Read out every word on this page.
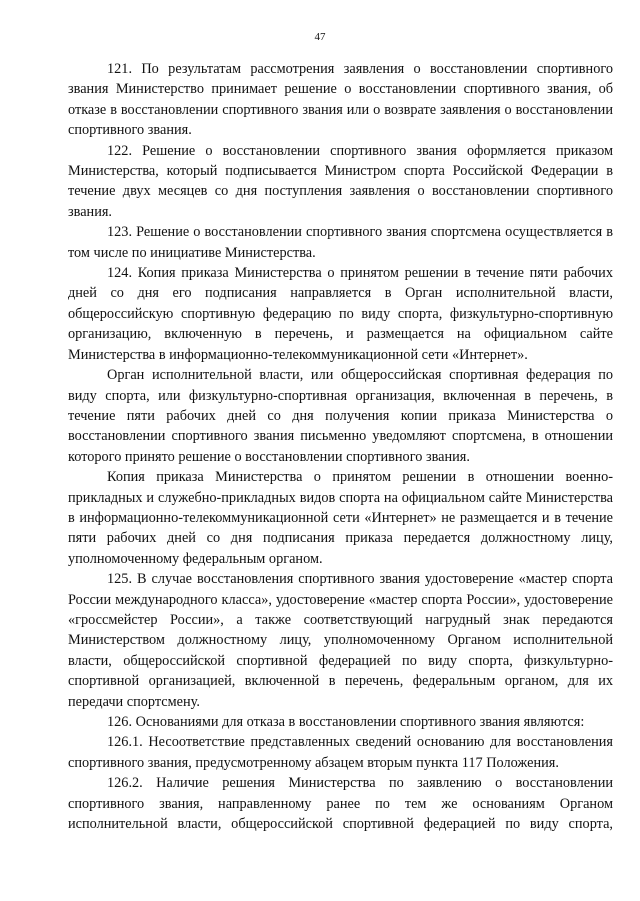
47

121. По результатам рассмотрения заявления о восстановлении спортивного звания Министерство принимает решение о восстановлении спортивного звания, об отказе в восстановлении спортивного звания или о возврате заявления о восстановлении спортивного звания.

122. Решение о восстановлении спортивного звания оформляется приказом Министерства, который подписывается Министром спорта Российской Федерации в течение двух месяцев со дня поступления заявления о восстановлении спортивного звания.

123. Решение о восстановлении спортивного звания спортсмена осуществляется в том числе по инициативе Министерства.

124. Копия приказа Министерства о принятом решении в течение пяти рабочих дней со дня его подписания направляется в Орган исполнительной власти, общероссийскую спортивную федерацию по виду спорта, физкультурно-спортивную организацию, включенную в перечень, и размещается на официальном сайте Министерства в информационно-телекоммуникационной сети «Интернет».

Орган исполнительной власти, или общероссийская спортивная федерация по виду спорта, или физкультурно-спортивная организация, включенная в перечень, в течение пяти рабочих дней со дня получения копии приказа Министерства о восстановлении спортивного звания письменно уведомляют спортсмена, в отношении которого принято решение о восстановлении спортивного звания.

Копия приказа Министерства о принятом решении в отношении военно-прикладных и служебно-прикладных видов спорта на официальном сайте Министерства в информационно-телекоммуникационной сети «Интернет» не размещается и в течение пяти рабочих дней со дня подписания приказа передается должностному лицу, уполномоченному федеральным органом.

125. В случае восстановления спортивного звания удостоверение «мастер спорта России международного класса», удостоверение «мастер спорта России», удостоверение «гроссмейстер России», а также соответствующий нагрудный знак передаются Министерством должностному лицу, уполномоченному Органом исполнительной власти, общероссийской спортивной федерацией по виду спорта, физкультурно-спортивной организацией, включенной в перечень, федеральным органом, для их передачи спортсмену.

126. Основаниями для отказа в восстановлении спортивного звания являются:

126.1. Несоответствие представленных сведений основанию для восстановления спортивного звания, предусмотренному абзацем вторым пункта 117 Положения.

126.2. Наличие решения Министерства по заявлению о восстановлении спортивного звания, направленному ранее по тем же основаниям Органом исполнительной власти, общероссийской спортивной федерацией по виду спорта,
